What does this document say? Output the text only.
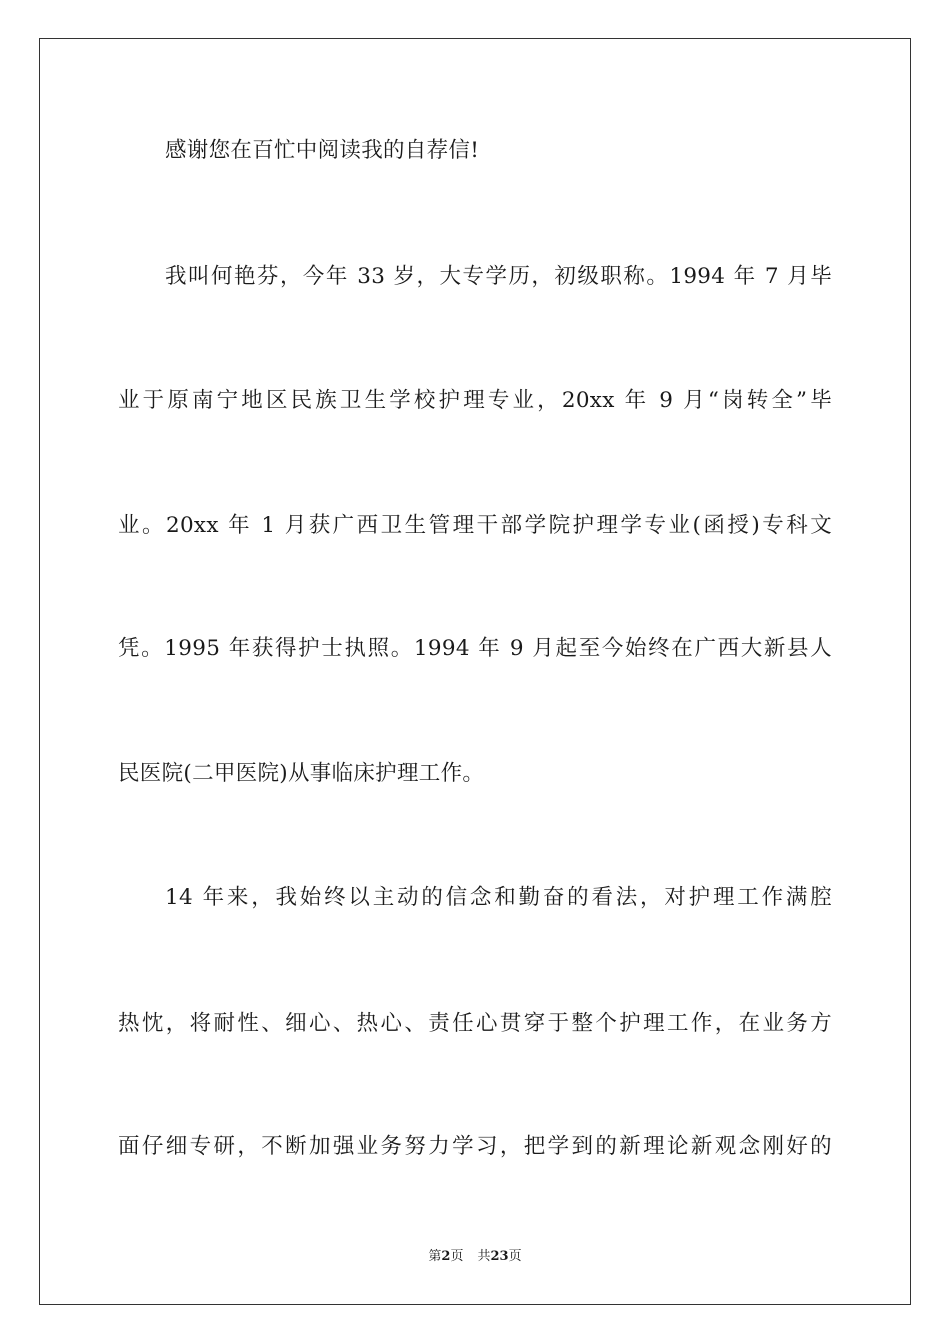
感谢您在百忙中阅读我的自荐信!
我叫何艳芬，今年 33 岁，大专学历，初级职称。1994 年 7 月毕
业于原南宁地区民族卫生学校护理专业，20xx 年 9 月“岗转全”毕
业。20xx 年 1 月获广西卫生管理干部学院护理学专业(函授)专科文
凭。1995 年获得护士执照。1994 年 9 月起至今始终在广西大新县人
民医院(二甲医院)从事临床护理工作。
14 年来，我始终以主动的信念和勤奋的看法，对护理工作满腔
热忱，将耐性、细心、热心、责任心贯穿于整个护理工作，在业务方
面仔细专研，不断加强业务努力学习，把学到的新理论新观念刚好的
第2页 共23页
